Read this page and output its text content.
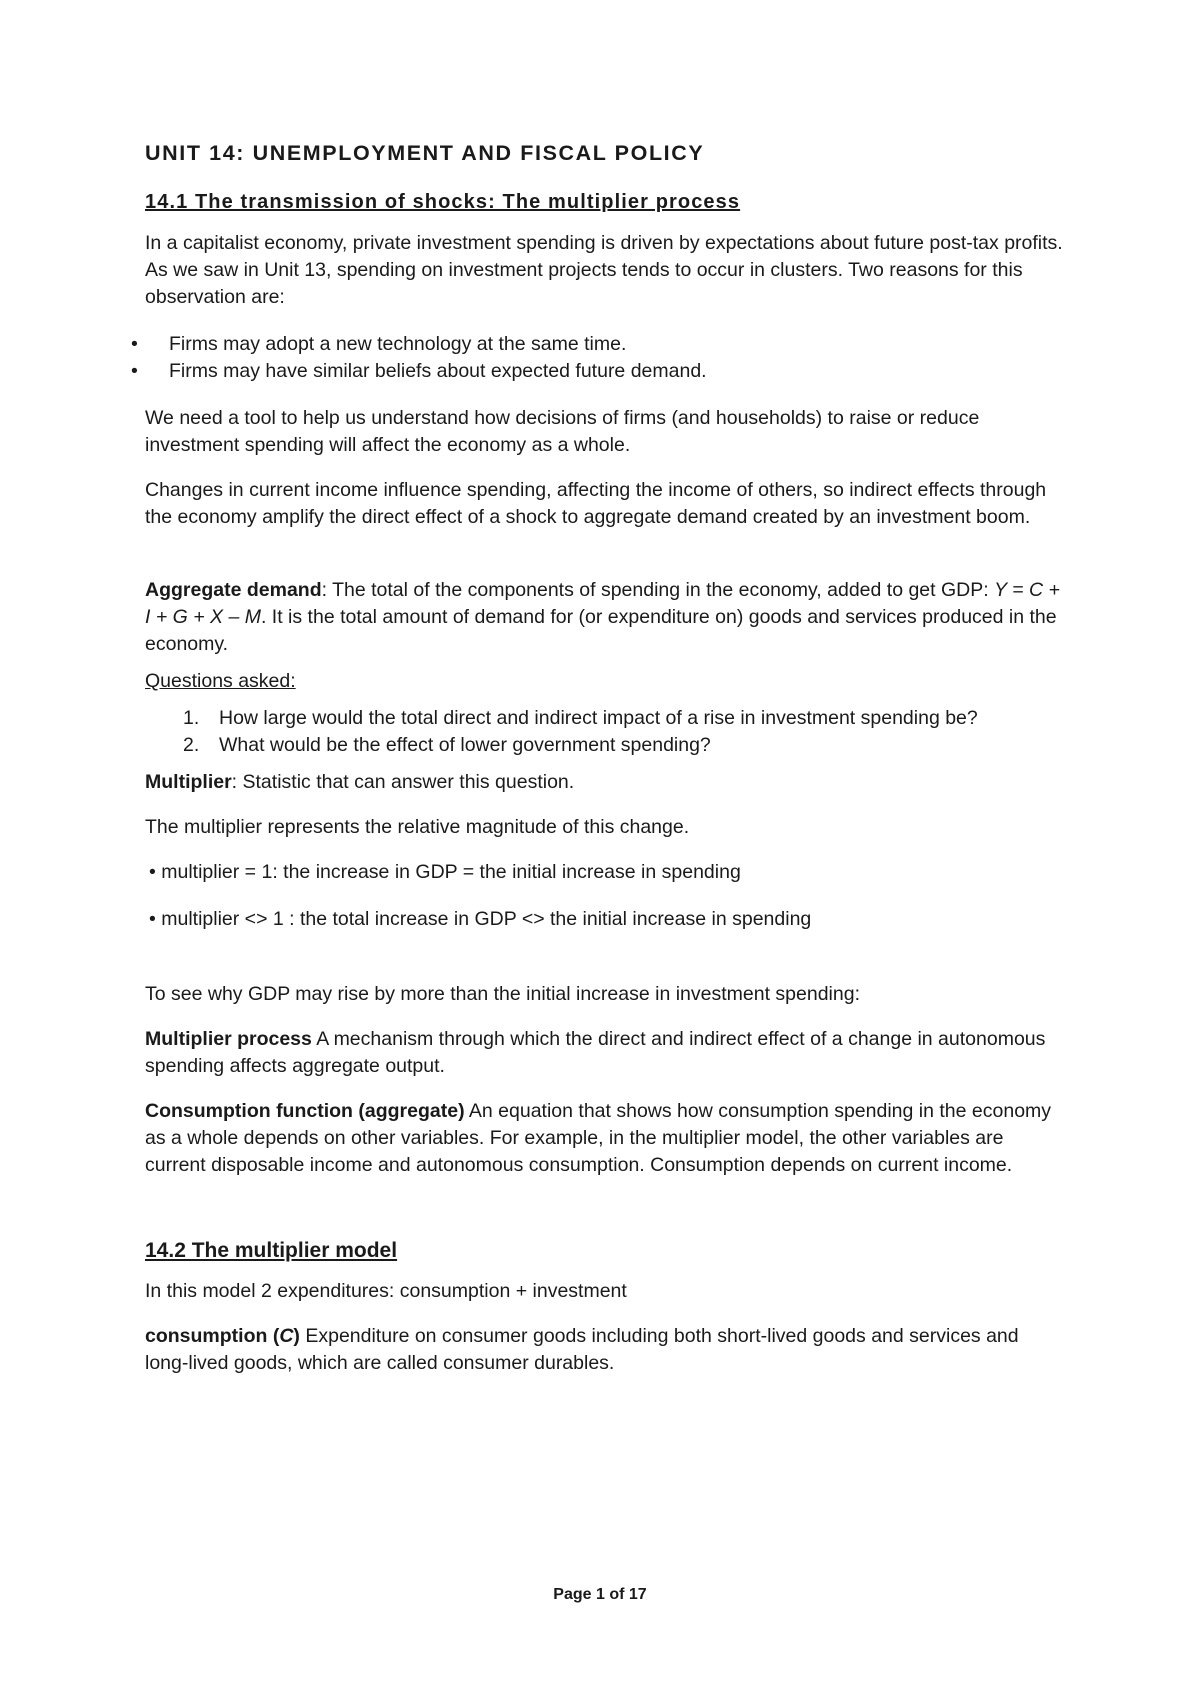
UNIT 14: UNEMPLOYMENT AND FISCAL POLICY
14.1 The transmission of shocks: The multiplier process

In a capitalist economy, private investment spending is driven by expectations about future post-tax profits. As we saw in Unit 13, spending on investment projects tends to occur in clusters. Two reasons for this observation are:

• Firms may adopt a new technology at the same time.
• Firms may have similar beliefs about expected future demand.

We need a tool to help us understand how decisions of firms (and households) to raise or reduce investment spending will affect the economy as a whole.

Changes in current income influence spending, affecting the income of others, so indirect effects through the economy amplify the direct effect of a shock to aggregate demand created by an investment boom.

Aggregate demand: The total of the components of spending in the economy, added to get GDP: Y = C + I + G + X – M. It is the total amount of demand for (or expenditure on) goods and services produced in the economy.

Questions asked:
1. How large would the total direct and indirect impact of a rise in investment spending be?
2. What would be the effect of lower government spending?

Multiplier: Statistic that can answer this question.

The multiplier represents the relative magnitude of this change.

• multiplier = 1: the increase in GDP = the initial increase in spending
• multiplier <> 1 : the total increase in GDP <> the initial increase in spending

To see why GDP may rise by more than the initial increase in investment spending:

Multiplier process A mechanism through which the direct and indirect effect of a change in autonomous spending affects aggregate output.

Consumption function (aggregate) An equation that shows how consumption spending in the economy as a whole depends on other variables. For example, in the multiplier model, the other variables are current disposable income and autonomous consumption. Consumption depends on current income.

14.2 The multiplier model

In this model 2 expenditures: consumption + investment

consumption (C) Expenditure on consumer goods including both short-lived goods and services and long-lived goods, which are called consumer durables.

Page 1 of 17
